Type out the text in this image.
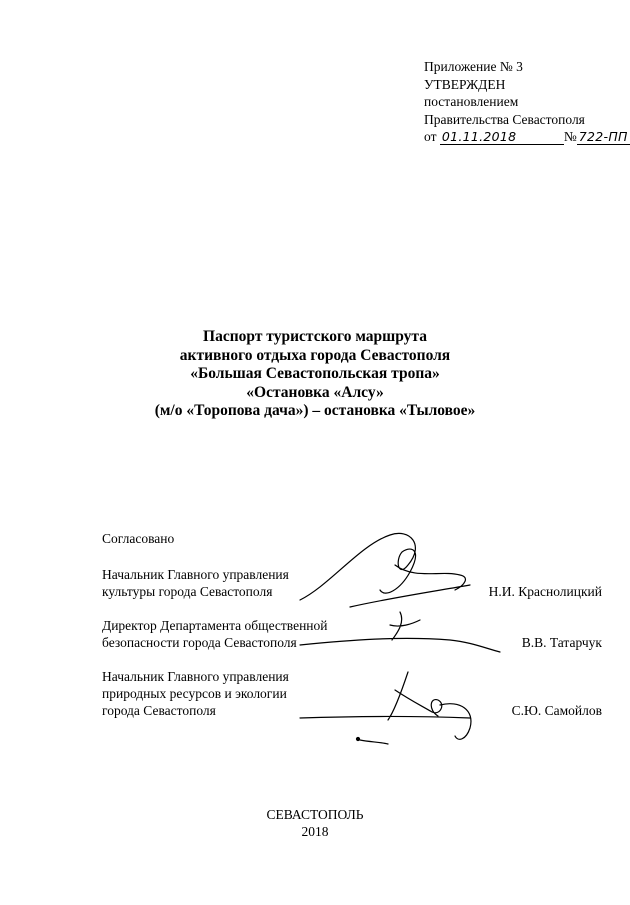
Приложение № 3
УТВЕРЖДЕН
постановлением
Правительства Севастополя
от 01.11.2018	№ 722-ПП
Паспорт туристского маршрута
активного отдыха города Севастополя
«Большая Севастопольская тропа»
«Остановка «Алсу»
(м/о «Торопова дача») – остановка «Тыловое»
Согласовано
Начальник Главного управления
культуры города Севастополя	Н.И. Краснолицкий
Директор Департамента общественной
безопасности города Севастополя	В.В. Татарчук
Начальник Главного управления
природных ресурсов и экологии
города Севастополя	С.Ю. Самойлов
СЕВАСТОПОЛЬ
2018
